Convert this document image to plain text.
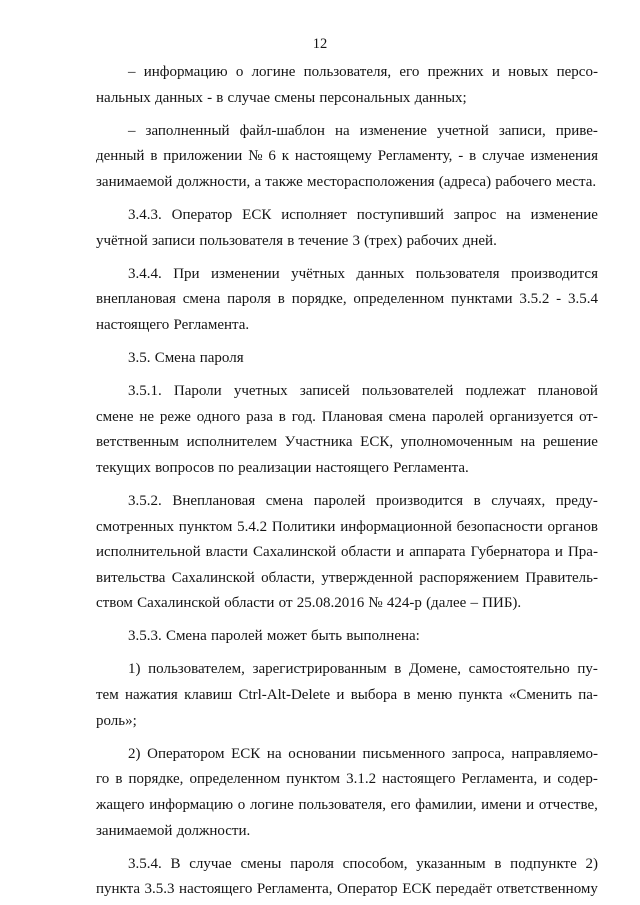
12
– информацию о логине пользователя, его прежних и новых персо-
нальных данных - в случае смены персональных данных;
– заполненный файл-шаблон на изменение учетной записи, приве-
денный в приложении № 6 к настоящему Регламенту, - в случае изменения
занимаемой должности, а также месторасположения (адреса) рабочего места.
3.4.3. Оператор ЕСК исполняет поступивший запрос на изменение
учётной записи пользователя в течение 3 (трех) рабочих дней.
3.4.4. При изменении учётных данных пользователя производится
внеплановая смена пароля в порядке, определенном пунктами 3.5.2 - 3.5.4
настоящего Регламента.
3.5. Смена пароля
3.5.1. Пароли учетных записей пользователей подлежат плановой
смене не реже одного раза в год. Плановая смена паролей организуется от-
ветственным исполнителем Участника ЕСК, уполномоченным на решение
текущих вопросов по реализации настоящего Регламента.
3.5.2. Внеплановая смена паролей производится в случаях, преду-
смотренных пунктом 5.4.2 Политики информационной безопасности органов
исполнительной власти Сахалинской области и аппарата Губернатора и Пра-
вительства Сахалинской области, утвержденной распоряжением Правитель-
ством Сахалинской области от 25.08.2016 № 424-р (далее – ПИБ).
3.5.3. Смена паролей может быть выполнена:
1) пользователем, зарегистрированным в Домене, самостоятельно пу-
тем нажатия клавиш Ctrl-Alt-Delete и выбора в меню пункта «Сменить па-
роль»;
2) Оператором ЕСК на основании письменного запроса, направляемо-
го в порядке, определенном пунктом 3.1.2 настоящего Регламента, и содер-
жащего информацию о логине пользователя, его фамилии, имени и отчестве,
занимаемой должности.
3.5.4. В случае смены пароля способом, указанным в подпункте 2)
пункта 3.5.3 настоящего Регламента, Оператор ЕСК передаёт ответственному
